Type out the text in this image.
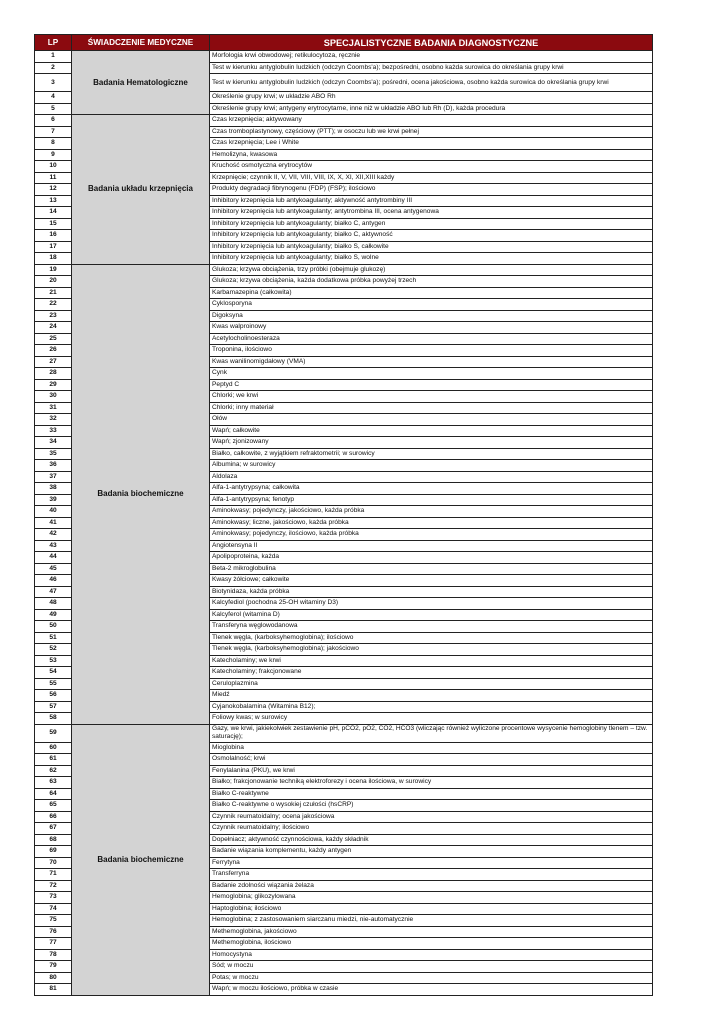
LP	ŚWIADCZENIE MEDYCZNE	SPECJALISTYCZNE BADANIA DIAGNOSTYCZNE
1	Badania Hematologiczne	Morfologia krwi obwodowej; retikulocytoza, ręcznie
2		Test w kierunku antyglobulin ludzkich (odczyn Coombs'a); bezpośredni, osobno każda surowica do określania grupy krwi
3		Test w kierunku antyglobulin ludzkich (odczyn Coombs'a); pośredni, ocena jakościowa, osobno każda surowica do określania grupy krwi
4		Określenie grupy krwi; w układzie ABO Rh
5		Określenie grupy krwi; antygeny erytrocytarne, inne niż w układzie ABO lub Rh (D), każda procedura
6	Badania układu krzepnięcia	Czas krzepnięcia; aktywowany
7		Czas tromboplastynowy, częściowy (PTT); w osoczu lub we krwi pełnej
8		Czas krzepnięcia; Lee i White
9		Hemolizyna, kwasowa
10		Kruchość osmotyczna erytrocytów
11		Krzepnięcie; czynnik II, V, VII, VIII, VIII, IX, X, XI, XII,XIII każdy
12		Produkty degradacji fibrynogenu (FDP) (FSP); ilościowo
13		Inhibitory krzepnięcia lub antykoagulanty; aktywność antytrombiny III
14		Inhibitory krzepnięcia lub antykoagulanty; antytrombina III, ocena antygenowa
15		Inhibitory krzepnięcia lub antykoagulanty; białko C, antygen
16		Inhibitory krzepnięcia lub antykoagulanty; białko C, aktywność
17		Inhibitory krzepnięcia lub antykoagulanty; białko S, całkowite
18		Inhibitory krzepnięcia lub antykoagulanty; białko S, wolne
19	Badania biochemiczne	Glukoza; krzywa obciążenia, trzy próbki (obejmuje glukozę)
20		Glukoza; krzywa obciążenia, każda dodatkowa próbka powyżej trzech
21		Karbamazepina (całkowita)
22		Cyklosporyna
23		Digoksyna
24		Kwas walproinowy
25		Acetylocholinoesteraza
26		Troponina, ilościowo
27		Kwas wanilinomigdałowy (VMA)
28		Cynk
29		Peptyd C
30		Chlorki; we krwi
31		Chlorki; inny materiał
32		Ołów
33		Wapń; całkowite
34		Wapń; zjonizowany
35		Białko, całkowite, z wyjątkiem refraktometrii; w surowicy
36		Albumina; w surowicy
37		Aldolaza
38		Alfa-1-antytrypsyna; całkowita
39		Alfa-1-antytrypsyna; fenotyp
40		Aminokwasy; pojedynczy, jakościowo, każda próbka
41		Aminokwasy; liczne, jakościowo, każda próbka
42		Aminokwasy; pojedynczy, ilościowo, każda próbka
43		Angiotensyna II
44		Apolipoproteina, każda
45		Beta-2 mikroglobulina
46		Kwasy żółciowe; całkowite
47		Biotynidaza, każda próbka
48		Kalcyfediol (pochodna 25-OH witaminy D3)
49		Kalcyferol (witamina D)
50		Transferyna węglowodanowa
51		Tlenek węgla, (karboksyhemoglobina); ilościowo
52		Tlenek węgla, (karboksyhemoglobina); jakościowo
53		Katecholaminy; we krwi
54		Katecholaminy; frakcjonowane
55		Ceruloplazmina
56		Miedź
57		Cyjanokobalamina (Witamina B12);
58		Foliowy kwas; w surowicy
59	Badania biochemiczne	Gazy, we krwi, jakiekolwiek zestawienie pH, pCO2, pO2, CO2, HCO3 (wliczając również wyliczone procentowe wysycenie hemoglobiny tlenem – tzw. saturację);
60		Mioglobina
61		Osmolalność; krwi
62		Fenylalanina (PKU), we krwi
63		Białko; frakcjonowanie techniką elektroforezy i ocena ilościowa, w surowicy
64		Białko C-reaktywne
65		Białko C-reaktywne o wysokiej czułości (hsCRP)
66		Czynnik reumatoidalny; ocena jakościowa
67		Czynnik reumatoidalny; ilościowo
68		Dopełniacz; aktywność czynnościowa, każdy składnik
69		Badanie wiązania komplementu, każdy antygen
70		Ferrytyna
71		Transferryna
72		Badanie zdolności wiązania żelaza
73		Hemoglobina; glikozylowana
74		Haptoglobina; ilościowo
75		Hemoglobina; z zastosowaniem siarczanu miedzi, nie-automatycznie
76		Methemoglobina, jakościowo
77		Methemoglobina, ilościowo
78		Homocystyna
79		Sód; w moczu
80		Potas; w moczu
81		Wapń; w moczu ilościowo, próbka w czasie
